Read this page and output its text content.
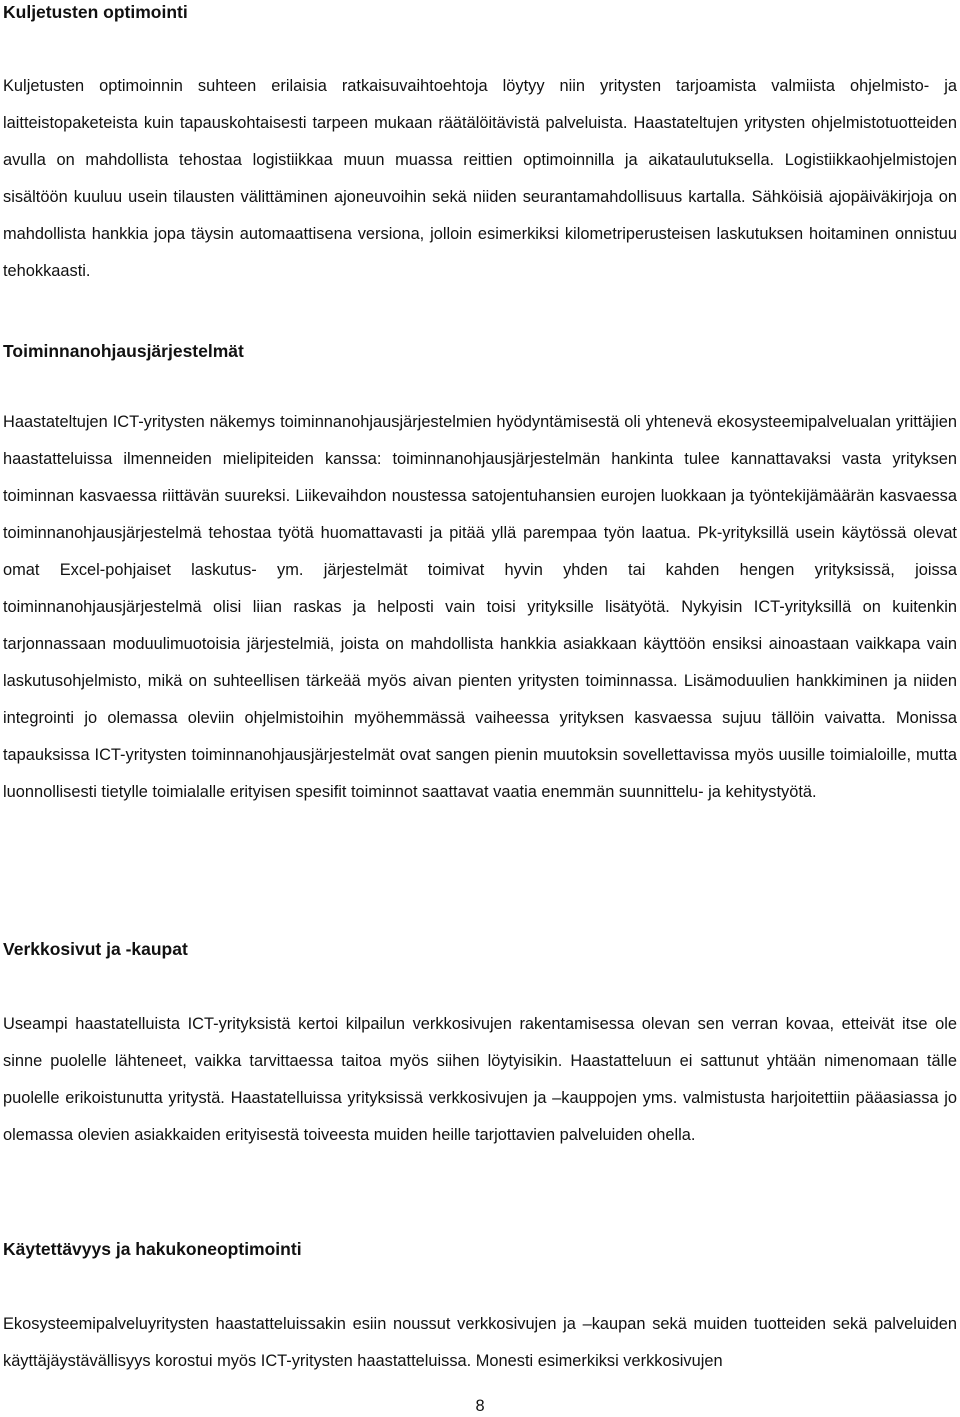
Kuljetusten optimointi

Kuljetusten optimoinnin suhteen erilaisia ratkaisuvaihtoehtoja löytyy niin yritysten tarjoamista valmiista ohjelmisto- ja laitteistopaketeista kuin tapauskohtaisesti tarpeen mukaan räätälöitävistä palveluista. Haastateltujen yritysten ohjelmistotuotteiden avulla on mahdollista tehostaa logistiikkaa muun muassa reittien optimoinnilla ja aikataulutuksella. Logistiikkaohjelmistojen sisältöön kuuluu usein tilausten välittäminen ajoneuvoihin sekä niiden seurantamahdollisuus kartalla. Sähköisiä ajopäiväkirjoja on mahdollista hankkia jopa täysin automaattisena versiona, jolloin esimerkiksi kilometriperusteisen laskutuksen hoitaminen onnistuu tehokkaasti.

Toiminnanohjausjärjestelmät

Haastateltujen ICT-yritysten näkemys toiminnanohjausjärjestelmien hyödyntämisestä oli yhtenevä ekosysteemipalvelualan yrittäjien haastatteluissa ilmenneiden mielipiteiden kanssa: toiminnanohjausjärjestelmän hankinta tulee kannattavaksi vasta yrityksen toiminnan kasvaessa riittävän suureksi. Liikevaihdon noustessa satojentuhansien eurojen luokkaan ja työntekijämäärän kasvaessa toiminnanohjausjärjestelmä tehostaa työtä huomattavasti ja pitää yllä parempaa työn laatua. Pk-yrityksillä usein käytössä olevat omat Excel-pohjaiset laskutus- ym. järjestelmät toimivat hyvin yhden tai kahden hengen yrityksissä, joissa toiminnanohjausjärjestelmä olisi liian raskas ja helposti vain toisi yrityksille lisätyötä. Nykyisin ICT-yrityksillä on kuitenkin tarjonnassaan moduulimuotoisia järjestelmiä, joista on mahdollista hankkia asiakkaan käyttöön ensiksi ainoastaan vaikkapa vain laskutusohjelmisto, mikä on suhteellisen tärkeää myös aivan pienten yritysten toiminnassa. Lisämoduulien hankkiminen ja niiden integrointi jo olemassa oleviin ohjelmistoihin myöhemmässä vaiheessa yrityksen kasvaessa sujuu tällöin vaivatta. Monissa tapauksissa ICT-yritysten toiminnanohjausjärjestelmät ovat sangen pienin muutoksin sovellettavissa myös uusille toimialoille, mutta luonnollisesti tietylle toimialalle erityisen spesifit toiminnot saattavat vaatia enemmän suunnittelu- ja kehitystyötä.

Verkkosivut ja -kaupat

Useampi haastatelluista ICT-yrityksistä kertoi kilpailun verkkosivujen rakentamisessa olevan sen verran kovaa, etteivät itse ole sinne puolelle lähteneet, vaikka tarvittaessa taitoa myös siihen löytyisikin. Haastatteluun ei sattunut yhtään nimenomaan tälle puolelle erikoistunutta yritystä. Haastatelluissa yrityksissä verkkosivujen ja –kauppojen yms. valmistusta harjoitettiin pääasiassa jo olemassa olevien asiakkaiden erityisestä toiveesta muiden heille tarjottavien palveluiden ohella.

Käytettävyys ja hakukoneoptimointi

Ekosysteemipalveluyritysten haastatteluissakin esiin noussut verkkosivujen ja –kaupan sekä muiden tuotteiden sekä palveluiden käyttäjäystävällisyys korostui myös ICT-yritysten haastatteluissa. Monesti esimerkiksi verkkosivujen

8
